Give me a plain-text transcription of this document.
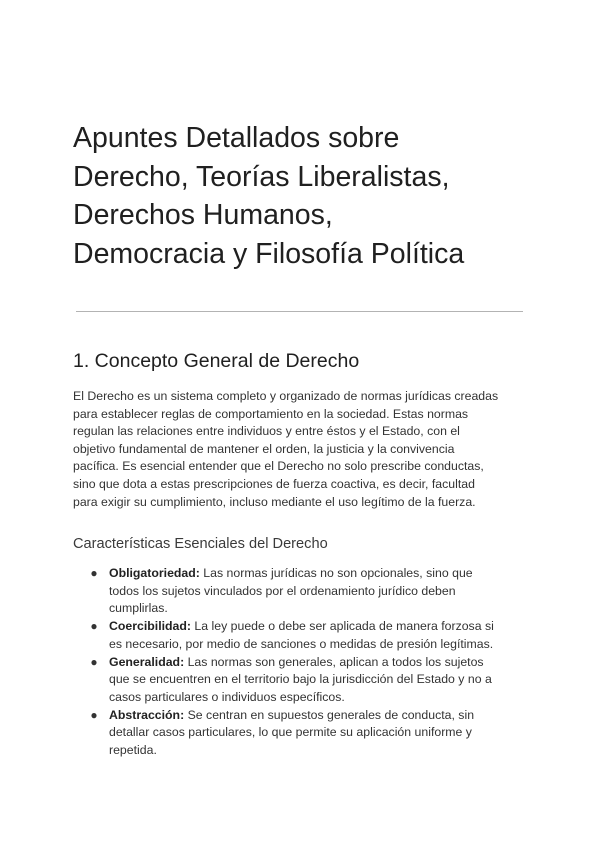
Apuntes Detallados sobre
Derecho, Teorías Liberalistas,
Derechos Humanos,
Democracia y Filosofía Política
1. Concepto General de Derecho

El Derecho es un sistema completo y organizado de normas jurídicas creadas
para establecer reglas de comportamiento en la sociedad. Estas normas
regulan las relaciones entre individuos y entre éstos y el Estado, con el
objetivo fundamental de mantener el orden, la justicia y la convivencia
pacífica. Es esencial entender que el Derecho no solo prescribe conductas,
sino que dota a estas prescripciones de fuerza coactiva, es decir, facultad
para exigir su cumplimiento, incluso mediante el uso legítimo de la fuerza.

Características Esenciales del Derecho
● Obligatoriedad: Las normas jurídicas no son opcionales, sino que
todos los sujetos vinculados por el ordenamiento jurídico deben
cumplirlas.
● Coercibilidad: La ley puede o debe ser aplicada de manera forzosa si
es necesario, por medio de sanciones o medidas de presión legítimas.
● Generalidad: Las normas son generales, aplican a todos los sujetos
que se encuentren en el territorio bajo la jurisdicción del Estado y no a
casos particulares o individuos específicos.
● Abstracción: Se centran en supuestos generales de conducta, sin
detallar casos particulares, lo que permite su aplicación uniforme y
repetida.
